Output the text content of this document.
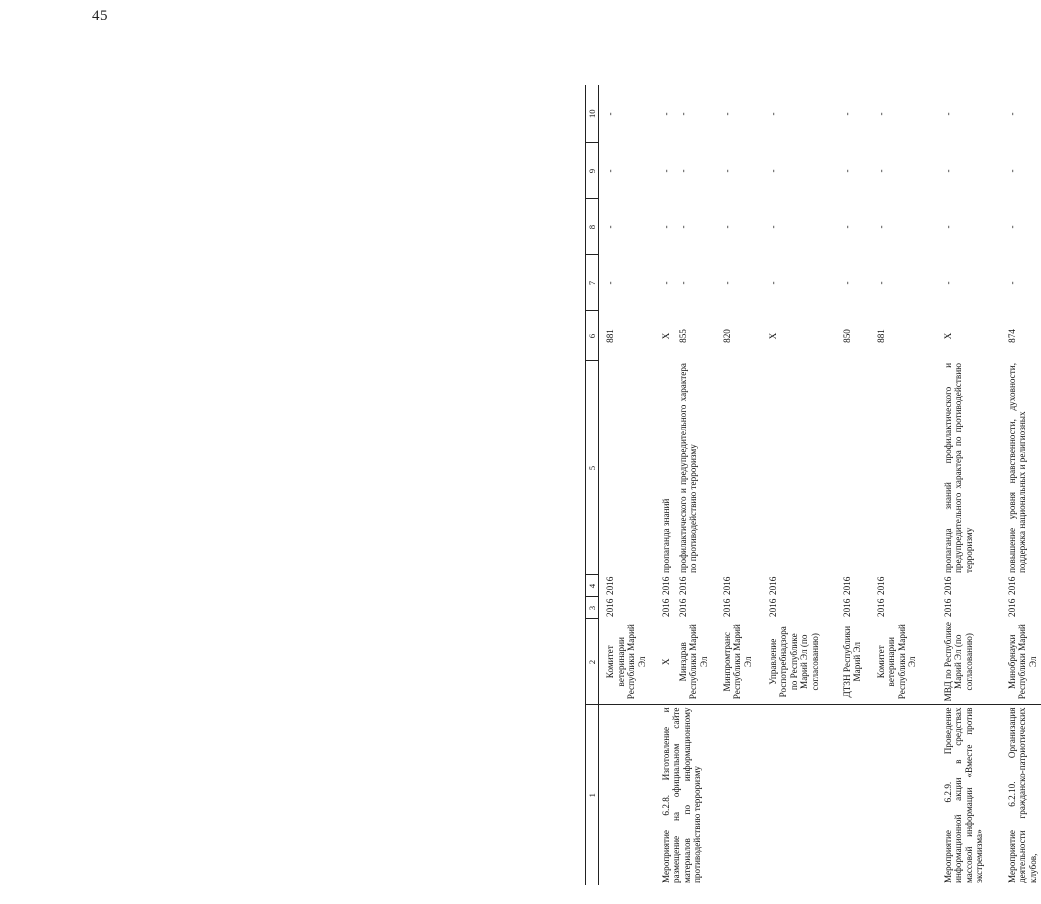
45
1	2	3	4	5	6	7	8	9	10
	Комитет ветеринарии Республики Марий Эл	2016	2016		881	-	-	-	-
Мероприятие 6.2.8. Изготовление и размещение на официальном сайте материалов по информационному противодействию терроризму	Х	2016	2016	пропаганда знаний	Х	-	-	-	-
	Минздрав Республики Марий Эл	2016	2016	профилактического и предупредительного характера по противодействию терроризму	855	-	-	-	-
	Минпромтранс Республики Марий Эл	2016	2016		820	-	-	-	-
	Управление Роспотребнадзора по Республике Марий Эл (по согласованию)	2016	2016		Х	-	-	-	-
	ДТЗН Республики Марий Эл	2016	2016		850	-	-	-	-
	Комитет ветеринарии Республики Марий Эл	2016	2016		881	-	-	-	-
Мероприятие 6.2.9. Проведение информационной акции в средствах массовой информации «Вместе против экстремизма»	МВД по Республике Марий Эл (по согласованию)	2016	2016	пропаганда знаний профилактического и предупредительного характера по противодействию терроризму	Х	-	-	-	-
Мероприятие 6.2.10. Организация деятельности гражданско-патриотических клубов,	Минобрнауки Республики Марий Эл	2016	2016	повышение уровня нравственности, духовности, поддержка национальных и религиозных	874	-	-	-	-
